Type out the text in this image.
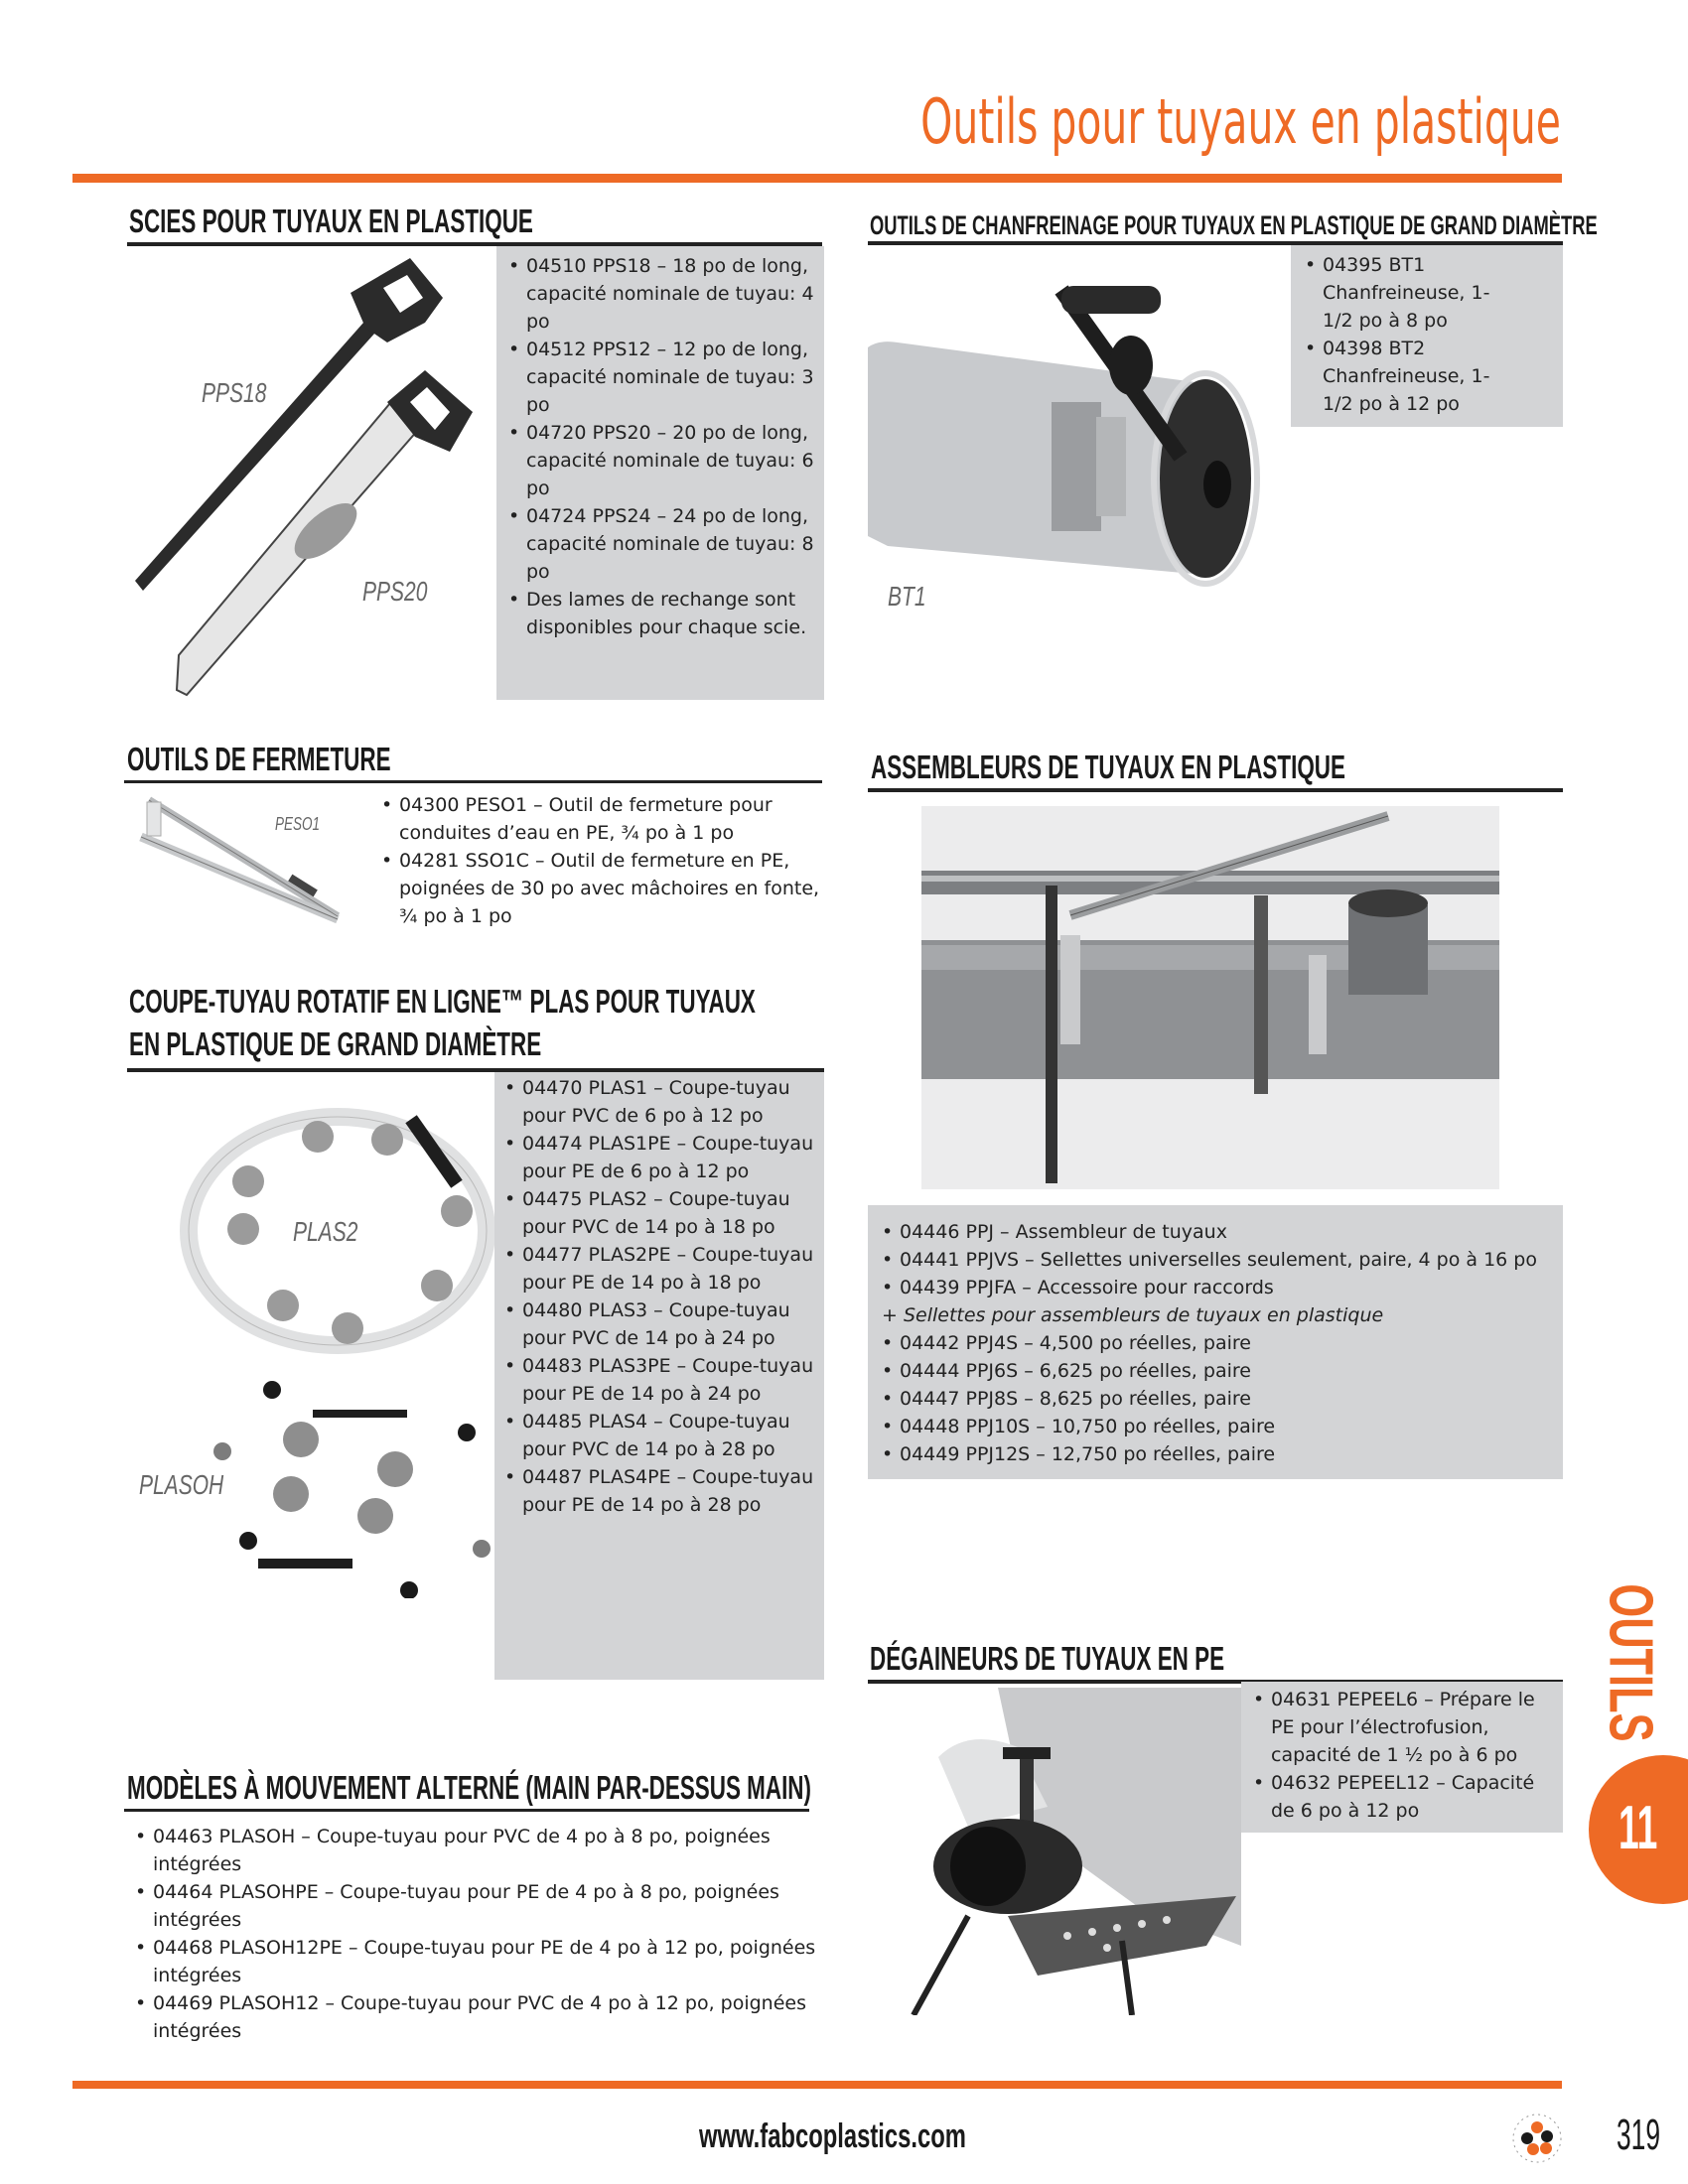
Outils pour tuyaux en plastique
SCIES POUR TUYAUX EN PLASTIQUE
PPS18
PPS20
• 04510 PPS18 – 18 po de long, capacité nominale de tuyau: 4 po
• 04512 PPS12 – 12 po de long, capacité nominale de tuyau: 3 po
• 04720 PPS20 – 20 po de long, capacité nominale de tuyau: 6 po
• 04724 PPS24 – 24 po de long, capacité nominale de tuyau: 8 po
• Des lames de rechange sont disponibles pour chaque scie.
OUTILS DE CHANFREINAGE POUR TUYAUX EN PLASTIQUE DE GRAND DIAMÈTRE
BT1
• 04395 BT1 Chanfreineuse, 1-1/2 po à 8 po
• 04398 BT2 Chanfreineuse, 1-1/2 po à 12 po
OUTILS DE FERMETURE
PESO1
• 04300 PESO1 – Outil de fermeture pour conduites d’eau en PE, ¾ po à 1 po
• 04281 SSO1C – Outil de fermeture en PE, poignées de 30 po avec mâchoires en fonte, ¾ po à 1 po
COUPE-TUYAU ROTATIF EN LIGNE™ PLAS POUR TUYAUX
EN PLASTIQUE DE GRAND DIAMÈTRE
PLAS2
PLASOH
• 04470 PLAS1 – Coupe-tuyau pour PVC de 6 po à 12 po
• 04474 PLAS1PE – Coupe-tuyau pour PE de 6 po à 12 po
• 04475 PLAS2 – Coupe-tuyau pour PVC de 14 po à 18 po
• 04477 PLAS2PE – Coupe-tuyau pour PE de 14 po à 18 po
• 04480 PLAS3 – Coupe-tuyau pour PVC de 14 po à 24 po
• 04483 PLAS3PE – Coupe-tuyau pour PE de 14 po à 24 po
• 04485 PLAS4 – Coupe-tuyau pour PVC de 14 po à 28 po
• 04487 PLAS4PE – Coupe-tuyau pour PE de 14 po à 28 po
ASSEMBLEURS DE TUYAUX EN PLASTIQUE
• 04446 PPJ – Assembleur de tuyaux
• 04441 PPJVS – Sellettes universelles seulement, paire, 4 po à 16 po
• 04439 PPJFA – Accessoire pour raccords
+ Sellettes pour assembleurs de tuyaux en plastique
• 04442 PPJ4S – 4,500 po réelles, paire
• 04444 PPJ6S – 6,625 po réelles, paire
• 04447 PPJ8S – 8,625 po réelles, paire
• 04448 PPJ10S – 10,750 po réelles, paire
• 04449 PPJ12S – 12,750 po réelles, paire
DÉGAINEURS DE TUYAUX EN PE
• 04631 PEPEEL6 – Prépare le PE pour l’électrofusion, capacité de 1 ½ po à 6 po
• 04632 PEPEEL12 – Capacité de 6 po à 12 po
MODÈLES À MOUVEMENT ALTERNÉ (MAIN PAR-DESSUS MAIN)
• 04463 PLASOH – Coupe-tuyau pour PVC de 4 po à 8 po, poignées intégrées
• 04464 PLASOHPE – Coupe-tuyau pour PE de 4 po à 8 po, poignées intégrées
• 04468 PLASOH12PE – Coupe-tuyau pour PE de 4 po à 12 po, poignées intégrées
• 04469 PLASOH12 – Coupe-tuyau pour PVC de 4 po à 12 po, poignées intégrées
OUTILS
11
www.fabcoplastics.com	319
